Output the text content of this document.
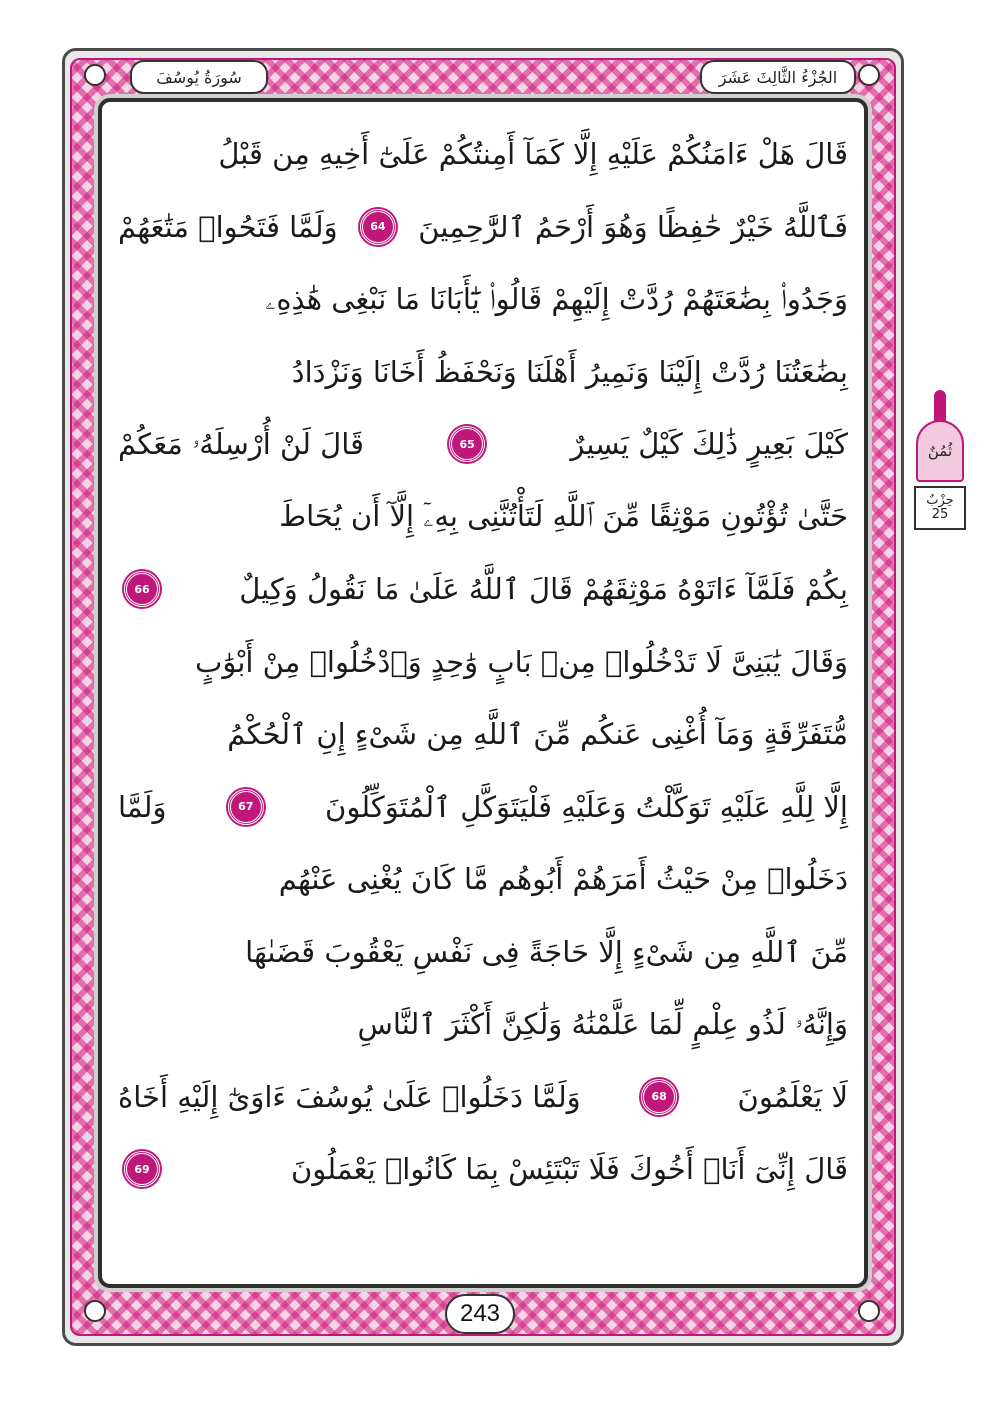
الجُزْءُ الثَّالِثَ عَشَرَ
سُورَةُ يُوسُفَ
قَالَ هَلْ ءَامَنُكُمْ عَلَيْهِ إِلَّا كَمَآ أَمِنتُكُمْ عَلَىٰٓ أَخِيهِ مِن قَبْلُ
فَٱللَّهُ خَيْرٌ حَٰفِظًا وَهُوَ أَرْحَمُ ٱلرَّٰحِمِينَ
64
وَلَمَّا فَتَحُوا۟ مَتَٰعَهُمْ
وَجَدُوا۟ بِضَٰعَتَهُمْ رُدَّتْ إِلَيْهِمْ قَالُوا۟ يَٰٓأَبَانَا مَا نَبْغِى هَٰذِهِۦ
بِضَٰعَتُنَا رُدَّتْ إِلَيْنَا وَنَمِيرُ أَهْلَنَا وَنَحْفَظُ أَخَانَا وَنَزْدَادُ
كَيْلَ بَعِيرٍ ذَٰلِكَ كَيْلٌ يَسِيرٌ
65
قَالَ لَنْ أُرْسِلَهُۥ مَعَكُمْ
حَتَّىٰ تُؤْتُونِ مَوْثِقًا مِّنَ ٱللَّهِ لَتَأْتُنَّنِى بِهِۦٓ إِلَّآ أَن يُحَاطَ
بِكُمْ فَلَمَّآ ءَاتَوْهُ مَوْثِقَهُمْ قَالَ ٱللَّهُ عَلَىٰ مَا نَقُولُ وَكِيلٌ
66
وَقَالَ يَٰبَنِىَّ لَا تَدْخُلُوا۟ مِنۢ بَابٍ وَٰحِدٍ وَٱدْخُلُوا۟ مِنْ أَبْوَٰبٍ
مُّتَفَرِّقَةٍ وَمَآ أُغْنِى عَنكُم مِّنَ ٱللَّهِ مِن شَىْءٍ إِنِ ٱلْحُكْمُ
إِلَّا لِلَّهِ عَلَيْهِ تَوَكَّلْتُ وَعَلَيْهِ فَلْيَتَوَكَّلِ ٱلْمُتَوَكِّلُونَ
67
وَلَمَّا
دَخَلُوا۟ مِنْ حَيْثُ أَمَرَهُمْ أَبُوهُم مَّا كَانَ يُغْنِى عَنْهُم
مِّنَ ٱللَّهِ مِن شَىْءٍ إِلَّا حَاجَةً فِى نَفْسِ يَعْقُوبَ قَضَىٰهَا
وَإِنَّهُۥ لَذُو عِلْمٍ لِّمَا عَلَّمْنَٰهُ وَلَٰكِنَّ أَكْثَرَ ٱلنَّاسِ
لَا يَعْلَمُونَ
68
وَلَمَّا دَخَلُوا۟ عَلَىٰ يُوسُفَ ءَاوَىٰٓ إِلَيْهِ أَخَاهُ
قَالَ إِنِّىٓ أَنَا۠ أَخُوكَ فَلَا تَبْتَئِسْ بِمَا كَانُوا۟ يَعْمَلُونَ
69
243
ثُمُنٌ
حِزْبٌ
25
